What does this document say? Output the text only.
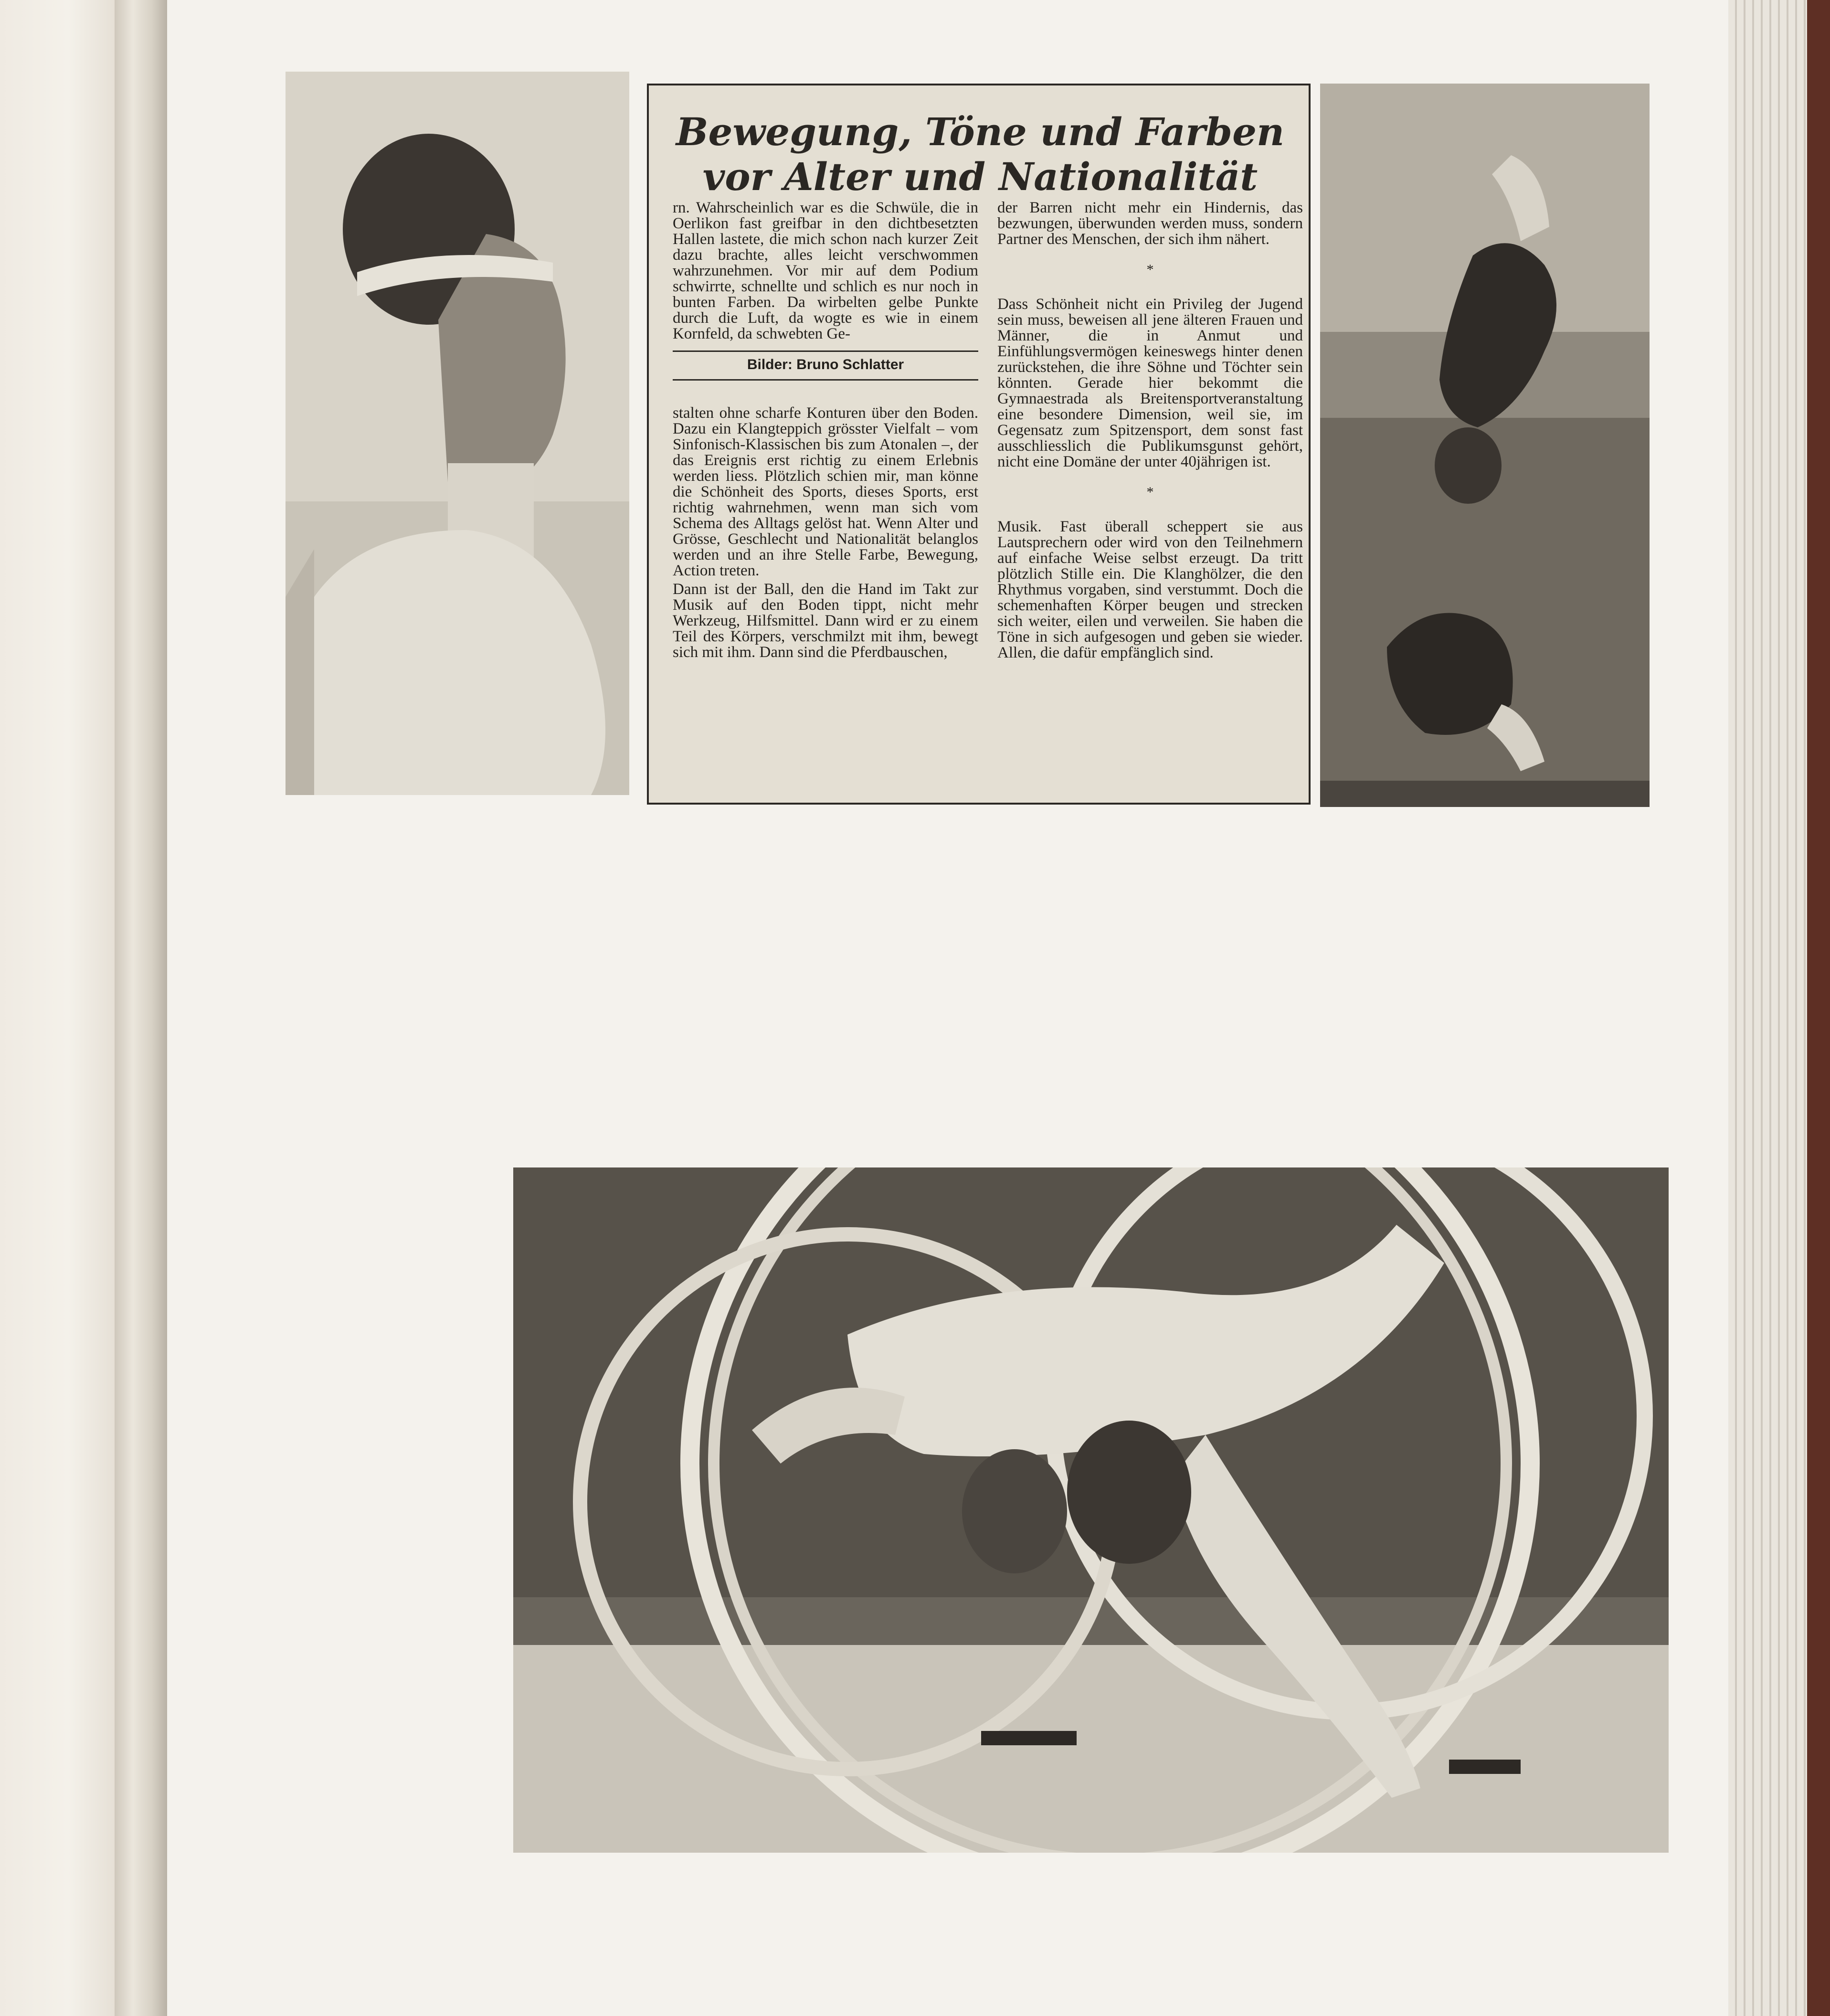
Bewegung, Töne und Farben
vor Alter und Nationalität

rn. Wahrscheinlich war es die Schwüle, die in Oerlikon fast greifbar in den dichtbesetzten Hallen lastete, die mich schon nach kurzer Zeit dazu brachte, alles leicht verschwommen wahrzunehmen. Vor mir auf dem Podium schwirrte, schnellte und schlich es nur noch in bunten Farben. Da wirbelten gelbe Punkte durch die Luft, da wogte es wie in einem Kornfeld, da schwebten Ge-

Bilder: Bruno Schlatter

stalten ohne scharfe Konturen über den Boden. Dazu ein Klangteppich grösster Vielfalt – vom Sinfonisch-Klassischen bis zum Atonalen –, der das Ereignis erst richtig zu einem Erlebnis werden liess. Plötzlich schien mir, man könne die Schönheit des Sports, dieses Sports, erst richtig wahrnehmen, wenn man sich vom Schema des Alltags gelöst hat. Wenn Alter und Grösse, Geschlecht und Nationalität belanglos werden und an ihre Stelle Farbe, Bewegung, Action treten.

Dann ist der Ball, den die Hand im Takt zur Musik auf den Boden tippt, nicht mehr Werkzeug, Hilfsmittel. Dann wird er zu einem Teil des Körpers, verschmilzt mit ihm, bewegt sich mit ihm. Dann sind die Pferdbauschen,

der Barren nicht mehr ein Hindernis, das bezwungen, überwunden werden muss, sondern Partner des Menschen, der sich ihm nähert.

*

Dass Schönheit nicht ein Privileg der Jugend sein muss, beweisen all jene älteren Frauen und Männer, die in Anmut und Einfühlungsvermögen keineswegs hinter denen zurückstehen, die ihre Söhne und Töchter sein könnten. Gerade hier bekommt die Gymnaestrada als Breitensportveranstaltung eine besondere Dimension, weil sie, im Gegensatz zum Spitzensport, dem sonst fast ausschliesslich die Publikumsgunst gehört, nicht eine Domäne der unter 40jährigen ist.

*

Musik. Fast überall scheppert sie aus Lautsprechern oder wird von den Teilnehmern auf einfache Weise selbst erzeugt. Da tritt plötzlich Stille ein. Die Klanghölzer, die den Rhythmus vorgaben, sind verstummt. Doch die schemenhaften Körper beugen und strecken sich weiter, eilen und verweilen. Sie haben die Töne in sich aufgesogen und geben sie wieder. Allen, die dafür empfänglich sind.
